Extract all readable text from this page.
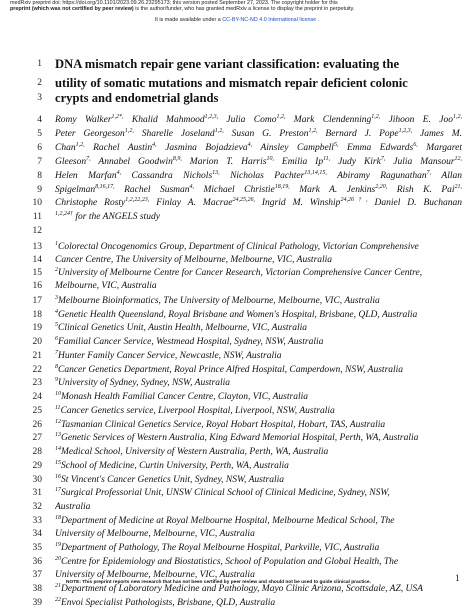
medRxiv preprint doi: https://doi.org/10.1101/2023.09.26.23295173; this version posted September 27, 2023. The copyright holder for this
preprint (which was not certified by peer review) is the author/funder, who has granted medRxiv a license to display the preprint in perpetuity.
It is made available under a CC-BY-NC-ND 4.0 International license .
1 DNA mismatch repair gene variant classification: evaluating the
2 utility of somatic mutations and mismatch repair deficient colonic
3 crypts and endometrial glands
4 Romy Walker$^{1,2*,}$ Khalid Mahmood$^{1,2,3,}$ Julia Como$^{1,2,}$ Mark Clendenning$^{1,2,}$ Jihoon E. Joo$^{1,2,}$
5 Peter Georgeson$^{1,2,}$ Sharelle Joseland$^{1,2,}$ Susan G. Preston$^{1,2,}$ Bernard J. Pope$^{1,2,3,}$ James M.
6 Chan$^{1,2,}$ Rachel Austin$^{4,}$ Jasmina Bojadzieva$^{4,}$ Ainsley Campbell$^{5,}$ Emma Edwards$^{6,}$ Margaret
7 Gleeson$^{7,}$ Annabel Goodwin$^{8,9,}$ Marion T. Harris$^{10,}$ Emilia $Ip^{11,}$ Judy Kirk$^{7,}$ Julia Mansour$^{12,}$
8 Helen Marfan$^{4,}$ Cassandra Nichols$^{13,}$ Nicholas Pachter$^{13,14,15,}$ Abiramy Ragunathan$^{7,}$ Allan
9 Spigelman$^{8,16,17,}$ Rachel Susman$^{4,}$ Michael Christie$^{18,19,}$ Mark A. Jenkins$^{2,20,}$ Rish K. Pai$^{21,}$
10 Christophe Rosty$^{1,2,22,23,}$ Finlay A. Macrae$^{24,25,26,}$ Ingrid M. Winship$^{24,26\dagger,}$ Daniel D. Buchanan
11 $^{1,2,24\dagger}$ for the ANGELS study
12
13 $^1$Colorectal Oncogenomics Group, Department of Clinical Pathology, Victorian Comprehensive
14 Cancer Centre, The University of Melbourne, Melbourne, VIC, Australia
15 $^2$University of Melbourne Centre for Cancer Research, Victorian Comprehensive Cancer Centre,
16 Melbourne, VIC, Australia
17 $^3$Melbourne Bioinformatics, The University of Melbourne, Melbourne, VIC, Australia
18 $^4$Genetic Health Queensland, Royal Brisbane and Women's Hospital, Brisbane, QLD, Australia
19 $^5$Clinical Genetics Unit, Austin Health, Melbourne, VIC, Australia
20 $^6$Familial Cancer Service, Westmead Hospital, Sydney, NSW, Australia
21 $^7$Hunter Family Cancer Service, Newcastle, NSW, Australia
22 $^8$Cancer Genetics Department, Royal Prince Alfred Hospital, Camperdown, NSW, Australia
23 $^9$University of Sydney, Sydney, NSW, Australia
24 $^{10}$Monash Health Familial Cancer Centre, Clayton, VIC, Australia
25 $^{11}$Cancer Genetics service, Liverpool Hospital, Liverpool, NSW, Australia
26 $^{12}$Tasmanian Clinical Genetics Service, Royal Hobart Hospital, Hobart, TAS, Australia
27 $^{13}$Genetic Services of Western Australia, King Edward Memorial Hospital, Perth, WA, Australia
28 $^{14}$Medical School, University of Western Australia, Perth, WA, Australia
29 $^{15}$School of Medicine, Curtin University, Perth, WA, Australia
30 $^{16}$St Vincent's Cancer Genetics Unit, Sydney, NSW, Australia
31 $^{17}$Surgical Professorial Unit, UNSW Clinical School of Clinical Medicine, Sydney, NSW,
32 Australia
33 $^{18}$Department of Medicine at Royal Melbourne Hospital, Melbourne Medical School, The
34 University of Melbourne, Melbourne, VIC, Australia
35 $^{19}$Department of Pathology, The Royal Melbourne Hospital, Parkville, VIC, Australia
36 $^{20}$Centre for Epidemiology and Biostatistics, School of Population and Global Health, The
37 University of Melbourne, Melbourne, VIC, Australia
38 $^{21}$Department of Laboratory Medicine and Pathology, Mayo Clinic Arizona, Scottsdale, AZ, USA
39 $^{22}$Envoi Specialist Pathologists, Brisbane, QLD, Australia
NOTE: This preprint reports new research that has not been certified by peer review and should not be used to guide clinical practice.	1
